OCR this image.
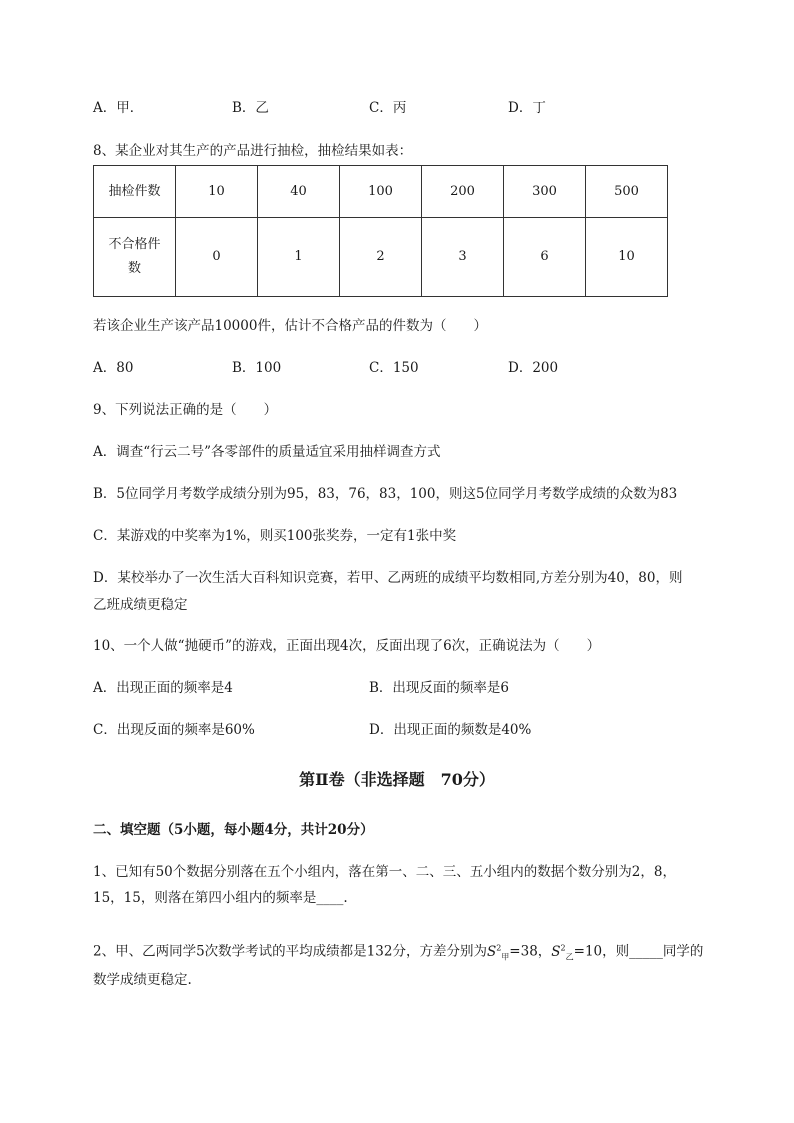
A．甲．	B．乙	C．丙	D．丁
8、某企业对其生产的产品进行抽检，抽检结果如表：
抽检件数	10	40	100	200	300	500
不合格件
数	0	1	2	3	6	10
若该企业生产该产品10000件，估计不合格产品的件数为（　　）
A．80	B．100	C．150	D．200
9、下列说法正确的是（　　）
A．调查“行云二号”各零部件的质量适宜采用抽样调查方式
B．5位同学月考数学成绩分别为95，83，76，83，100，则这5位同学月考数学成绩的众数为83
C．某游戏的中奖率为1%，则买100张奖券，一定有1张中奖
D．某校举办了一次生活大百科知识竞赛，若甲、乙两班的成绩平均数相同,方差分别为40，80，则
乙班成绩更稳定
10、一个人做“抛硬币”的游戏，正面出现4次，反面出现了6次，正确说法为（　　）
A．出现正面的频率是4	B．出现反面的频率是6
C．出现反面的频率是60%	D．出现正面的频数是40%
第Ⅱ卷（非选择题　70分）
二、填空题（5小题，每小题4分，共计20分）
1、已知有50个数据分别落在五个小组内，落在第一、二、三、五小组内的数据个数分别为2，8，
15，15，则落在第四小组内的频率是____.
2、甲、乙两同学5次数学考试的平均成绩都是132分，方差分别为$S^2_甲=38$，$S^2_乙=10$，则_____同学的
数学成绩更稳定.
